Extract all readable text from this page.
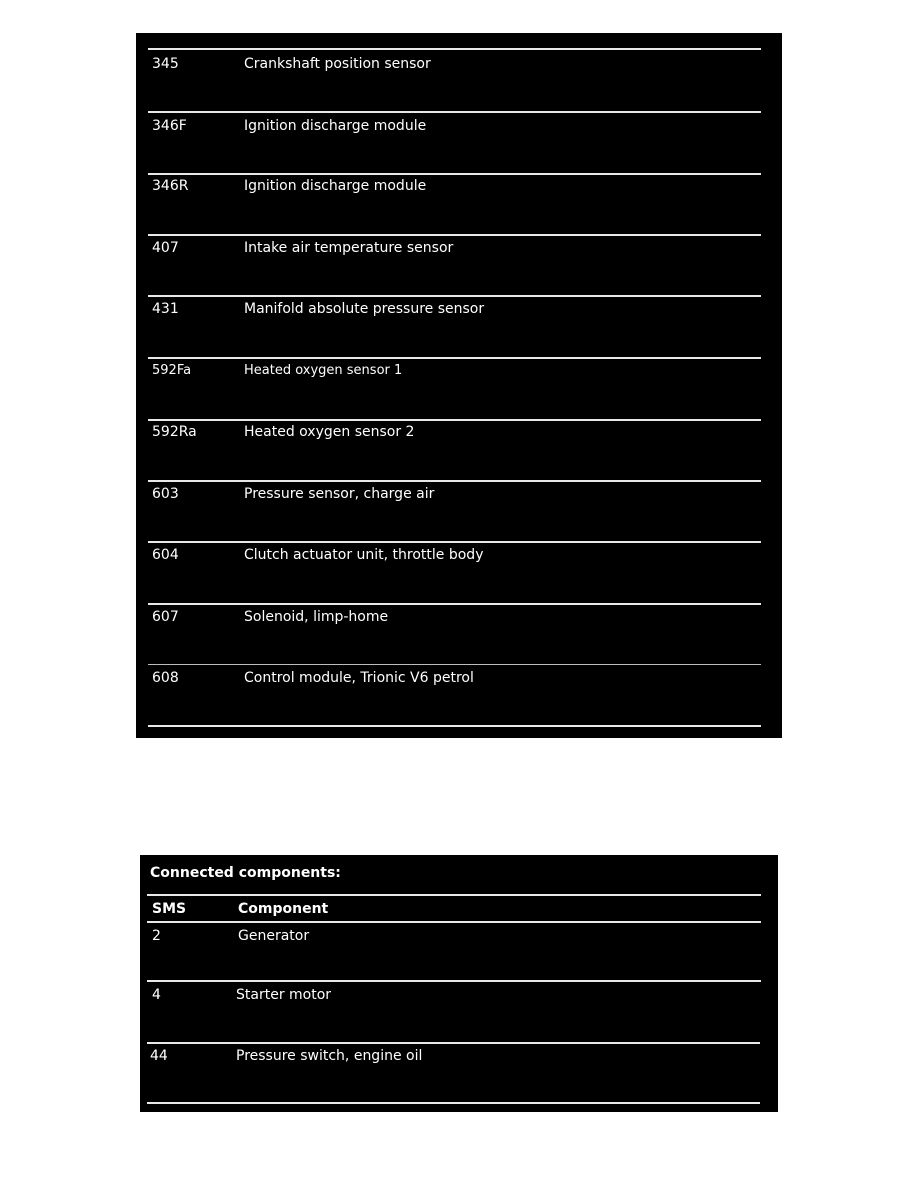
345	Crankshaft position sensor
346F	Ignition discharge module
346R	Ignition discharge module
407	Intake air temperature sensor
431	Manifold absolute pressure sensor
592Fa	Heated oxygen sensor 1
592Ra	Heated oxygen sensor 2
603	Pressure sensor, charge air
604	Clutch actuator unit, throttle body
607	Solenoid, limp-home
608	Control module, Trionic V6 petrol
Connected components:
SMS	Component
2	Generator
4	Starter motor
44	Pressure switch, engine oil
